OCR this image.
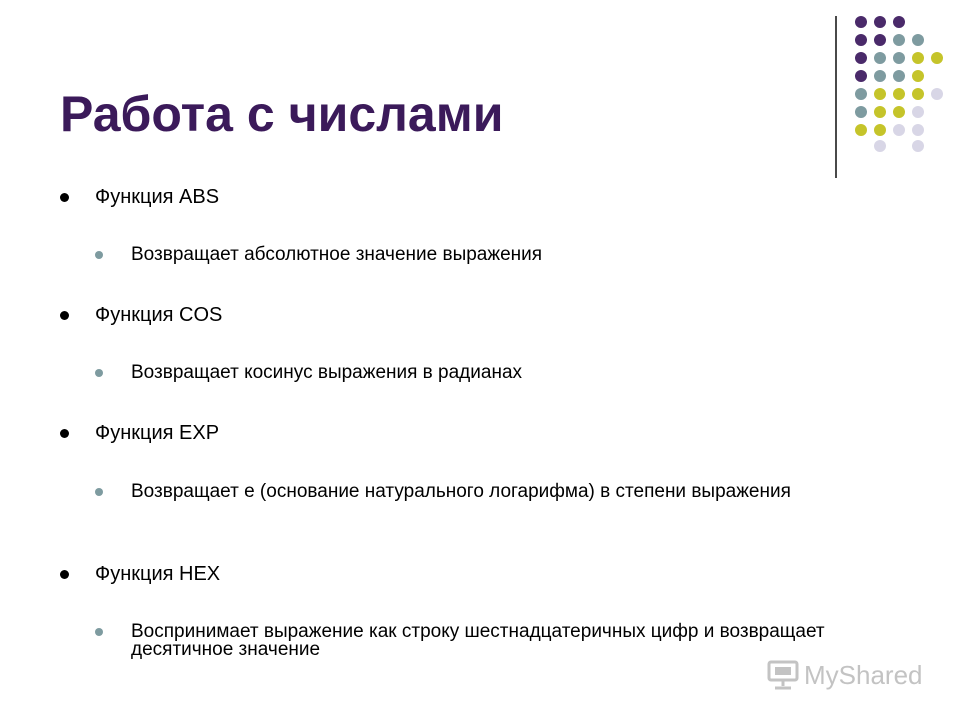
Работа с числами
Функция ABS
Возвращает абсолютное значение выражения
Функция COS
Возвращает косинус выражения в радианах
Функция EXP
Возвращает е (основание натурального логарифма) в степени выражения
Функция HEX
Воспринимает выражение как строку шестнадцатеричных цифр и возвращает десятичное значение
MyShared
